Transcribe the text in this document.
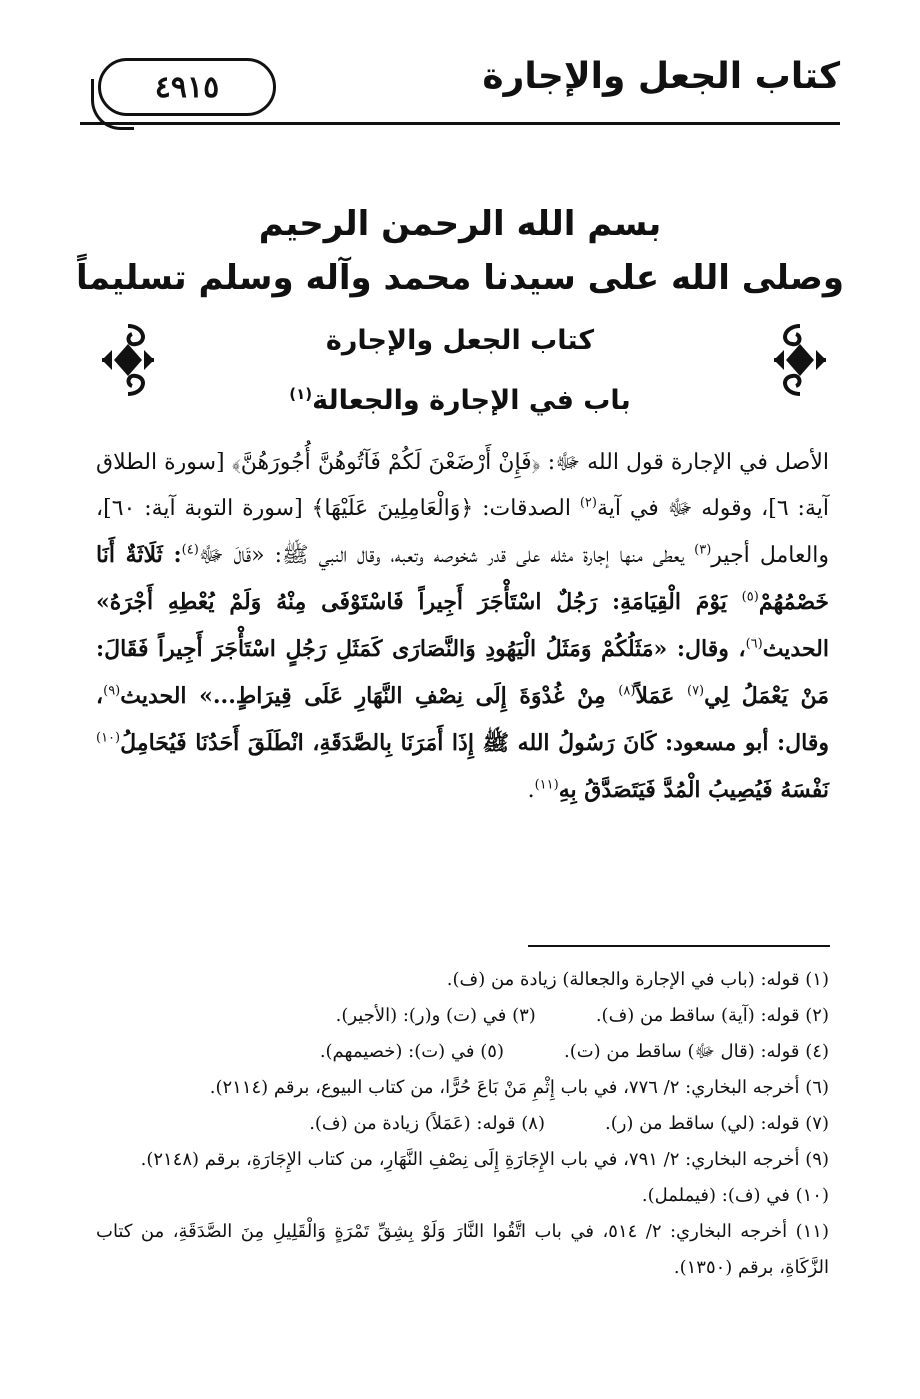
٤٩١٥	كتاب الجعل والإجارة
بسم الله الرحمن الرحيم
وصلى الله على سيدنا محمد وآله وسلم تسليماً
كتاب الجعل والإجارة
باب في الإجارة والجعالة$^{(١)}$

الأصل في الإجارة قول الله ﷻ: ﴿فَإِنْ أَرْضَعْنَ لَكُمْ فَآتُوهُنَّ أُجُورَهُنَّ﴾ [سورة الطلاق آية: ٦]، وقوله ﷻ في آية$^{(٢)}$ الصدقات: ﴿وَالْعَامِلِينَ عَلَيْهَا﴾ [سورة التوبة آية: ٦٠]، والعامل أجير$^{(٣)}$ يعطى منها إجارة مثله على قدر شخوصه وتعبه، وقال النبي ﷺ: «قَالَ ﷻ$^{(٤)}$: ثَلَاثَةٌ أَنَا خَصْمُهُمْ$^{(٥)}$ يَوْمَ الْقِيَامَةِ: رَجُلٌ اسْتَأْجَرَ أَجِيراً فَاسْتَوْفَى مِنْهُ وَلَمْ يُعْطِهِ أَجْرَهُ» الحديث$^{(٦)}$، وقال: «مَثَلُكُمْ وَمَثَلُ الْيَهُودِ وَالنَّصَارَى كَمَثَلِ رَجُلٍ اسْتَأْجَرَ أَجِيراً فَقَالَ: مَنْ يَعْمَلُ لِي$^{(٧)}$ عَمَلاً$^{(٨)}$ مِنْ غُدْوَةَ إِلَى نِصْفِ النَّهَارِ عَلَى قِيرَاطٍ...» الحديث$^{(٩)}$، وقال: أبو مسعود: كَانَ رَسُولُ الله ﷺ إِذَا أَمَرَنَا بِالصَّدَقَةِ، انْطَلَقَ أَحَدُنَا فَيُحَامِلُ$^{(١٠)}$ نَفْسَهُ فَيُصِيبُ الْمُدَّ فَيَتَصَدَّقُ بِهِ$^{(١١)}$.

(١) قوله: (باب في الإجارة والجعالة) زيادة من (ف).
(٢) قوله: (آية) ساقط من (ف).
(٣) في (ت) و(ر): (الأجير).
(٤) قوله: (قال ﷻ) ساقط من (ت).
(٥) في (ت): (خصيمهم).
(٦) أخرجه البخاري: ٢/ ٧٧٦، في باب إِثْمِ مَنْ بَاعَ حُرًّا، من كتاب البيوع، برقم (٢١١٤).
(٧) قوله: (لي) ساقط من (ر).
(٨) قوله: (عَمَلاً) زيادة من (ف).
(٩) أخرجه البخاري: ٢/ ٧٩١، في باب الإِجَارَةِ إِلَى نِصْفِ النَّهَارِ، من كتاب الإِجَارَةِ، برقم (٢١٤٨).
(١٠) في (ف): (فيململ).
(١١) أخرجه البخاري: ٢/ ٥١٤، في باب اتَّقُوا النَّارَ وَلَوْ بِشِقِّ تَمْرَةٍ وَالْقَلِيلِ مِنَ الصَّدَقَةِ، من كتاب الزَّكَاةِ، برقم (١٣٥٠).
